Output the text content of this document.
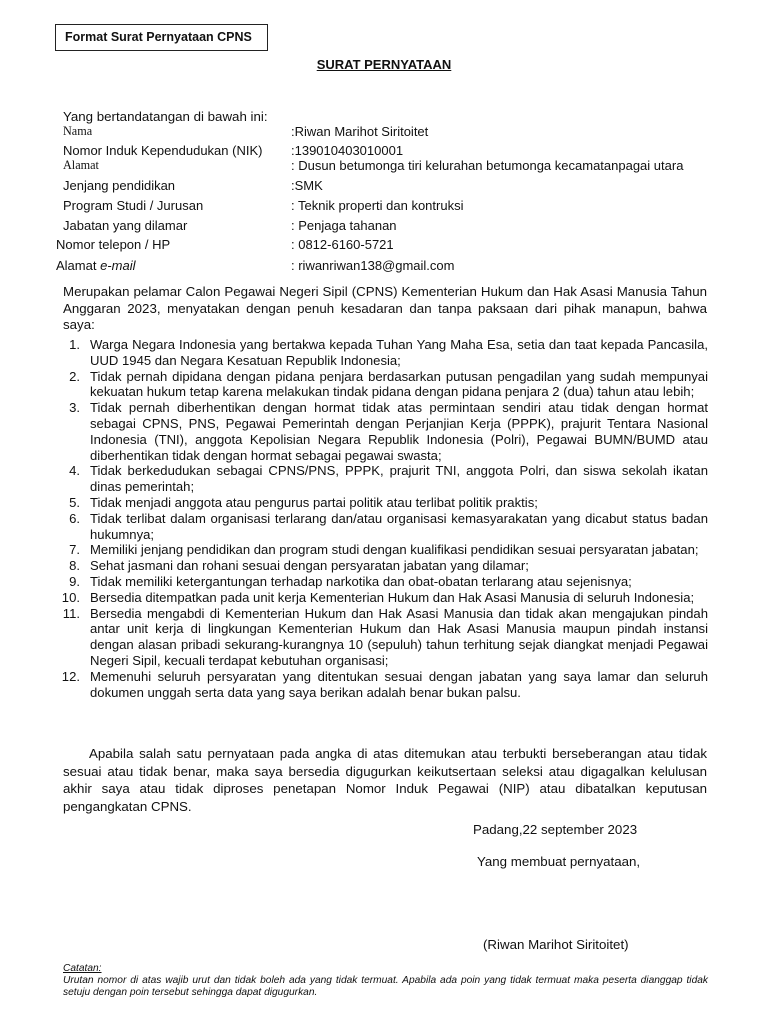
Format Surat Pernyataan CPNS
SURAT PERNYATAAN
Yang bertandatangan di bawah ini:
Nama	:Riwan Marihot Siritoitet
Nomor Induk Kependudukan (NIK) :139010403010001
Alamat	: Dusun betumonga tiri kelurahan betumonga kecamatanpagai utara
Jenjang pendidikan	:SMK
Program Studi / Jurusan	: Teknik properti dan kontruksi
Jabatan yang dilamar	: Penjaga tahanan
Nomor telepon / HP	: 0812-6160-5721
Alamat e-mail	: riwanriwan138@gmail.com
Merupakan pelamar Calon Pegawai Negeri Sipil (CPNS) Kementerian Hukum dan Hak Asasi Manusia Tahun Anggaran 2023, menyatakan dengan penuh kesadaran dan tanpa paksaan dari pihak manapun, bahwa saya:
1. Warga Negara Indonesia yang bertakwa kepada Tuhan Yang Maha Esa, setia dan taat kepada Pancasila, UUD 1945 dan Negara Kesatuan Republik Indonesia;
2. Tidak pernah dipidana dengan pidana penjara berdasarkan putusan pengadilan yang sudah mempunyai kekuatan hukum tetap karena melakukan tindak pidana dengan pidana penjara 2 (dua) tahun atau lebih;
3. Tidak pernah diberhentikan dengan hormat tidak atas permintaan sendiri atau tidak dengan hormat sebagai CPNS, PNS, Pegawai Pemerintah dengan Perjanjian Kerja (PPPK), prajurit Tentara Nasional Indonesia (TNI), anggota Kepolisian Negara Republik Indonesia (Polri), Pegawai BUMN/BUMD atau diberhentikan tidak dengan hormat sebagai pegawai swasta;
4. Tidak berkedudukan sebagai CPNS/PNS, PPPK, prajurit TNI, anggota Polri, dan siswa sekolah ikatan dinas pemerintah;
5. Tidak menjadi anggota atau pengurus partai politik atau terlibat politik praktis;
6. Tidak terlibat dalam organisasi terlarang dan/atau organisasi kemasyarakatan yang dicabut status badan hukumnya;
7. Memiliki jenjang pendidikan dan program studi dengan kualifikasi pendidikan sesuai persyaratan jabatan;
8. Sehat jasmani dan rohani sesuai dengan persyaratan jabatan yang dilamar;
9. Tidak memiliki ketergantungan terhadap narkotika dan obat-obatan terlarang atau sejenisnya;
10. Bersedia ditempatkan pada unit kerja Kementerian Hukum dan Hak Asasi Manusia di seluruh Indonesia;
11. Bersedia mengabdi di Kementerian Hukum dan Hak Asasi Manusia dan tidak akan mengajukan pindah antar unit kerja di lingkungan Kementerian Hukum dan Hak Asasi Manusia maupun pindah instansi dengan alasan pribadi sekurang-kurangnya 10 (sepuluh) tahun terhitung sejak diangkat menjadi Pegawai Negeri Sipil, kecuali terdapat kebutuhan organisasi;
12. Memenuhi seluruh persyaratan yang ditentukan sesuai dengan jabatan yang saya lamar dan seluruh dokumen unggah serta data yang saya berikan adalah benar bukan palsu.
Apabila salah satu pernyataan pada angka di atas ditemukan atau terbukti berseberangan atau tidak sesuai atau tidak benar, maka saya bersedia digugurkan keikutsertaan seleksi atau digagalkan kelulusan akhir saya atau tidak diproses penetapan Nomor Induk Pegawai (NIP) atau dibatalkan keputusan pengangkatan CPNS.
Padang,22 september 2023
Yang membuat pernyataan,
(Riwan Marihot Siritoitet)
Catatan:
Urutan nomor di atas wajib urut dan tidak boleh ada yang tidak termuat. Apabila ada poin yang tidak termuat maka peserta dianggap tidak setuju dengan poin tersebut sehingga dapat digugurkan.
